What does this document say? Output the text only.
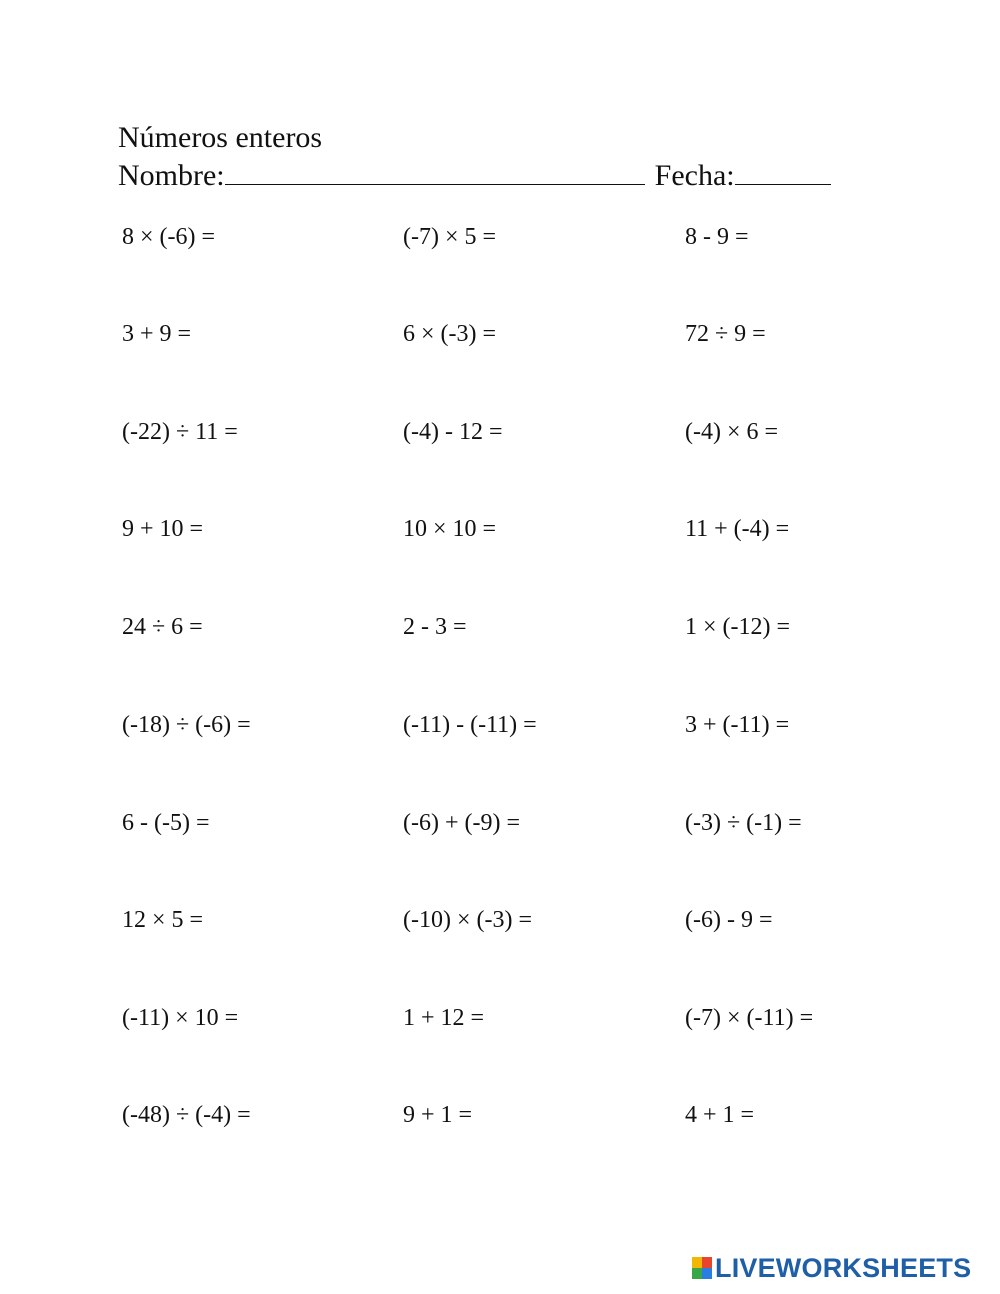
Números enteros
Nombre:	Fecha:
8 × (-6) =	(-7) × 5 =	8 - 9 =
3 + 9 =	6 × (-3) =	72 ÷ 9 =
(-22) ÷ 11 =	(-4) - 12 =	(-4) × 6 =
9 + 10 =	10 × 10 =	11 + (-4) =
24 ÷ 6 =	2 - 3 =	1 × (-12) =
(-18) ÷ (-6) =	(-11) - (-11) =	3 + (-11) =
6 - (-5) =	(-6) + (-9) =	(-3) ÷ (-1) =
12 × 5 =	(-10) × (-3) =	(-6) - 9 =
(-11) × 10 =	1 + 12 =	(-7) × (-11) =
(-48) ÷ (-4) =	9 + 1 =	4 + 1 =
LIVEWORKSHEETS
